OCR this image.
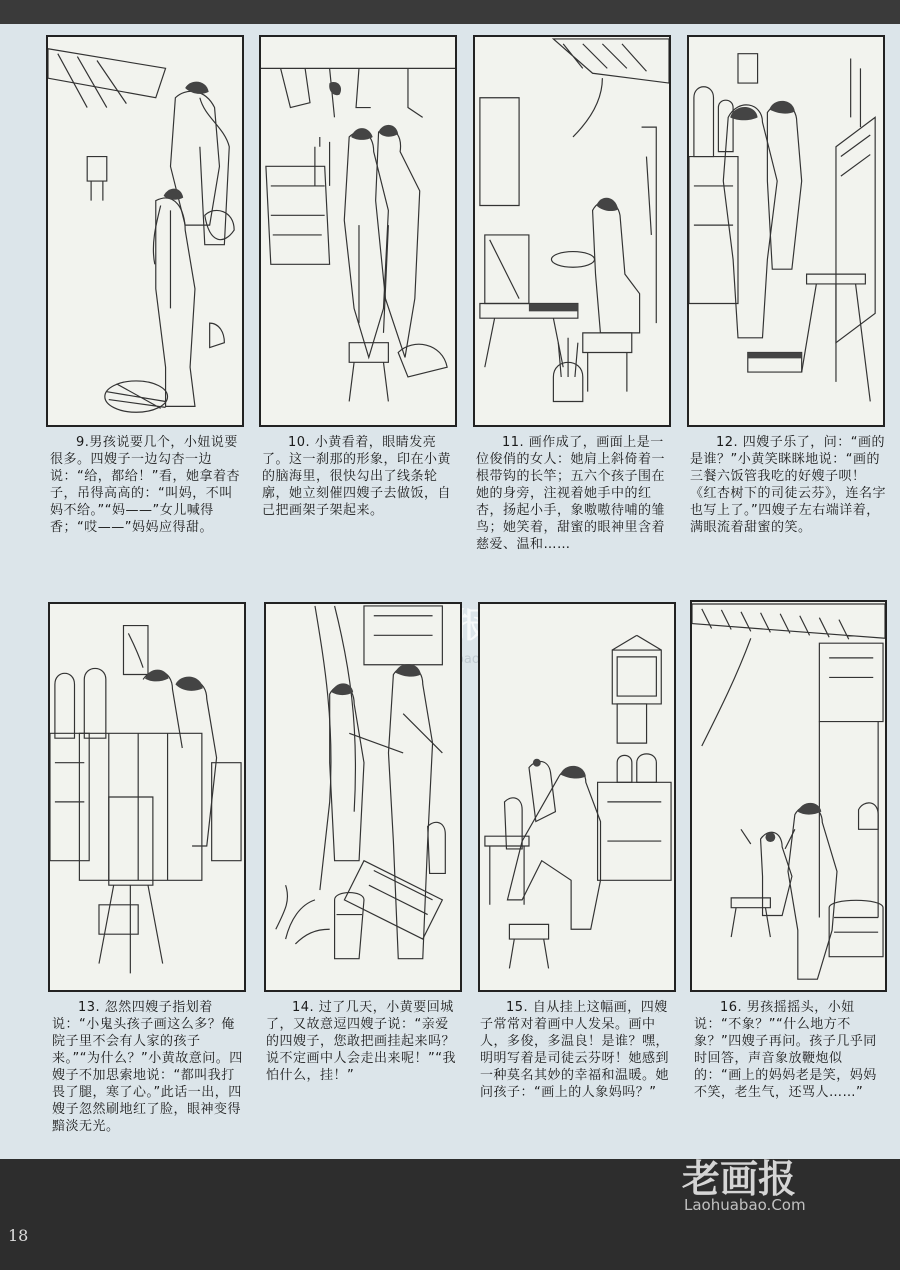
老画报
Laohuabao.Com

9.男孩说要几个，小妞说要很多。四嫂子一边勾杏一边说：“给，都给！”看，她拿着杏子，吊得高高的：“叫妈，不叫妈不给。”“妈——”女儿喊得香；“哎——”妈妈应得甜。

10. 小黄看着，眼睛发亮了。这一刹那的形象，印在小黄的脑海里，很快勾出了线条轮廓，她立刻催四嫂子去做饭，自己把画架子架起来。

11. 画作成了，画面上是一位俊俏的女人：她肩上斜倚着一根带钩的长竿；五六个孩子围在她的身旁，注视着她手中的红杏，扬起小手，象嗷嗷待哺的雏鸟；她笑着，甜蜜的眼神里含着慈爱、温和……

12. 四嫂子乐了，问：“画的是谁？”小黄笑眯眯地说：“画的三餐六饭管我吃的好嫂子呗！《红杏树下的司徒云芬》，连名字也写上了。”四嫂子左右端详着，满眼流着甜蜜的笑。

13. 忽然四嫂子指划着说：“小鬼头孩子画这么多？俺院子里不会有人家的孩子来。”“为什么？”小黄故意问。四嫂子不加思索地说：“都叫我打畏了腿，寒了心。”此话一出，四嫂子忽然刷地红了脸，眼神变得黯淡无光。

14. 过了几天，小黄要回城了，又故意逗四嫂子说：“亲爱的四嫂子，您敢把画挂起来吗？说不定画中人会走出来呢！”“我怕什么，挂！”

15. 自从挂上这幅画，四嫂子常常对着画中人发呆。画中人，多俊，多温良！是谁？嘿，明明写着是司徒云芬呀！她感到一种莫名其妙的幸福和温暖。她问孩子：“画上的人象妈吗？”

16. 男孩摇摇头，小妞说：“不象？”“什么地方不象？”四嫂子再问。孩子几乎同时回答，声音象放鞭炮似的：“画上的妈妈老是笑，妈妈不笑，老生气，还骂人……”

18
